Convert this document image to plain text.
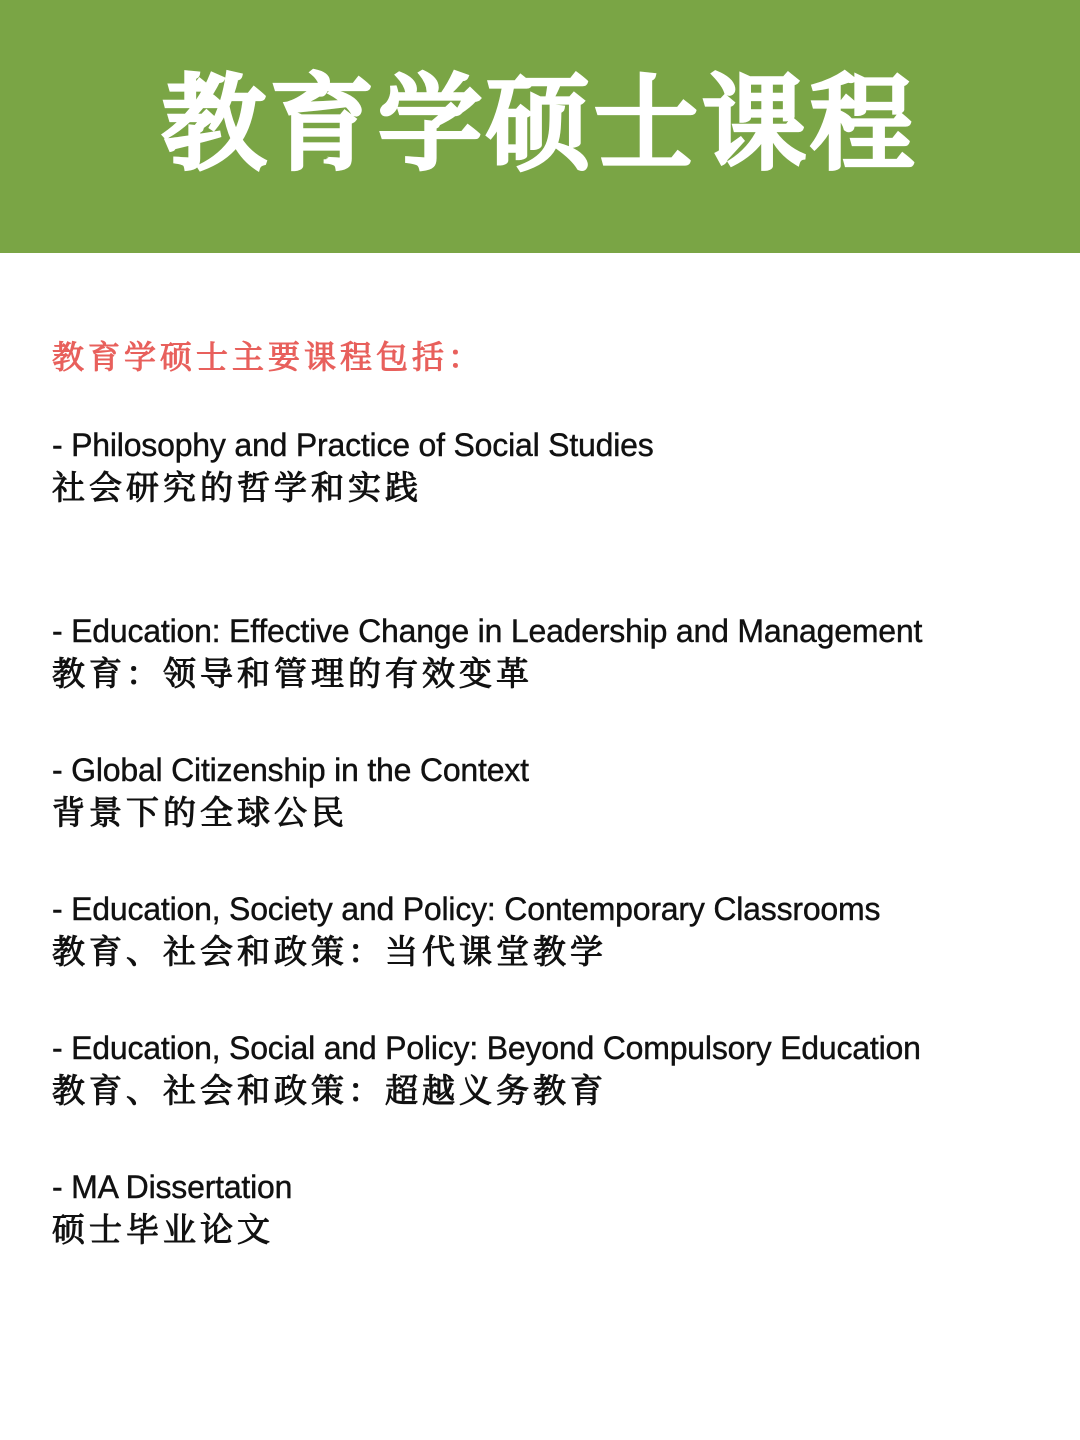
教育学硕士课程
教育学硕士主要课程包括：
- Philosophy and Practice of Social Studies
社会研究的哲学和实践
- Education: Effective Change in Leadership and Management
教育：领导和管理的有效变革
- Global Citizenship in the Context
背景下的全球公民
- Education, Society and Policy: Contemporary Classrooms
教育、社会和政策：当代课堂教学
- Education, Social and Policy: Beyond Compulsory Education
教育、社会和政策：超越义务教育
- MA Dissertation
硕士毕业论文
